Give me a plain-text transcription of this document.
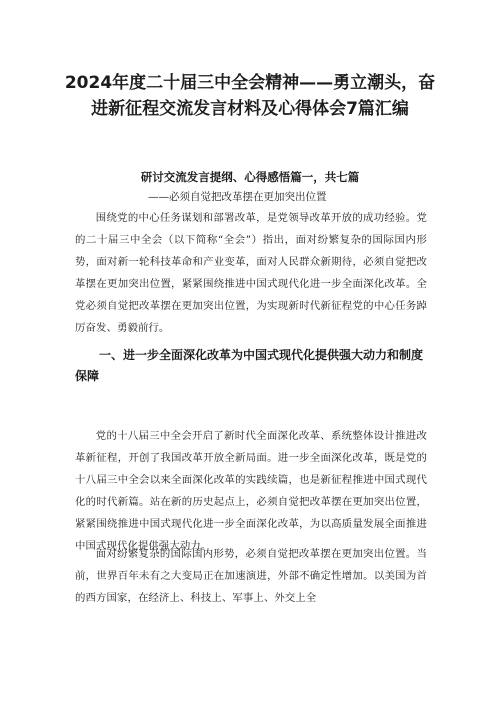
2024年度二十届三中全会精神——勇立潮头，奋进新征程交流发言材料及心得体会7篇汇编
研讨交流发言提纲、心得感悟篇一，共七篇

——必须自觉把改革摆在更加突出位置

围绕党的中心任务谋划和部署改革，是党领导改革开放的成功经验。党的二十届三中全会（以下简称“全会”）指出，面对纷繁复杂的国际国内形势，面对新一轮科技革命和产业变革，面对人民群众新期待，必须自觉把改革摆在更加突出位置，紧紧围绕推进中国式现代化进一步全面深化改革。全党必须自觉把改革摆在更加突出位置，为实现新时代新征程党的中心任务踔厉奋发、勇毅前行。

一、进一步全面深化改革为中国式现代化提供强大动力和制度保障

党的十八届三中全会开启了新时代全面深化改革、系统整体设计推进改革新征程，开创了我国改革开放全新局面。进一步全面深化改革，既是党的十八届三中全会以来全面深化改革的实践续篇，也是新征程推进中国式现代化的时代新篇。站在新的历史起点上，必须自觉把改革摆在更加突出位置，紧紧围绕推进中国式现代化进一步全面深化改革，为以高质量发展全面推进中国式现代化提供强大动力。

面对纷繁复杂的国际国内形势，必须自觉把改革摆在更加突出位置。当前，世界百年未有之大变局正在加速演进，外部不确定性增加。以美国为首的西方国家，在经济上、科技上、军事上、外交上全
